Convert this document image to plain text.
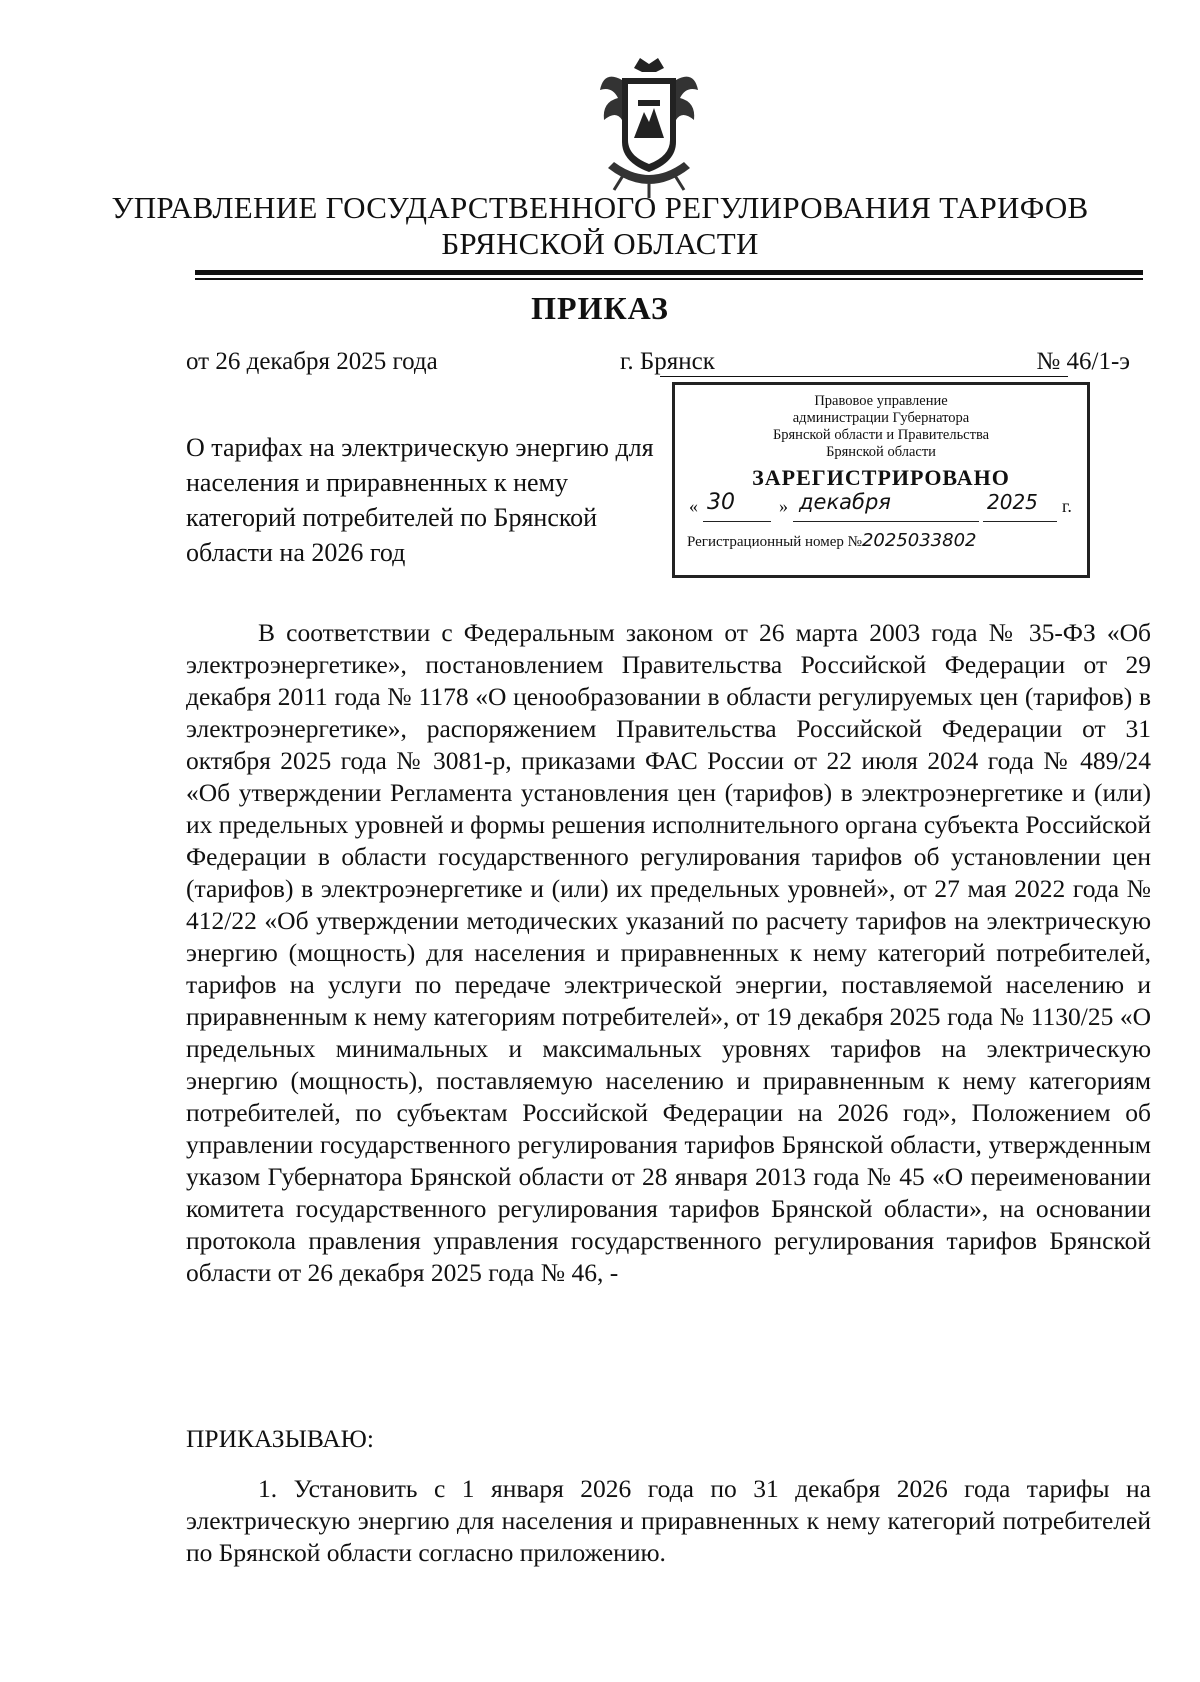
УПРАВЛЕНИЕ ГОСУДАРСТВЕННОГО РЕГУЛИРОВАНИЯ ТАРИФОВ
БРЯНСКОЙ ОБЛАСТИ
ПРИКАЗ
от 26 декабря 2025 года	г. Брянск	№ 46/1-э
Правовое управление
администрации Губернатора
Брянской области и Правительства
Брянской области
ЗАРЕГИСТРИРОВАНО
« 30 » декабря	2025 г.
Регистрационный номер №2025033802
О тарифах на электрическую энергию для населения и приравненных к нему категорий потребителей по Брянской области на 2026 год
В соответствии с Федеральным законом от 26 марта 2003 года № 35-ФЗ «Об электроэнергетике», постановлением Правительства Российской Федерации от 29 декабря 2011 года № 1178 «О ценообразовании в области регулируемых цен (тарифов) в электроэнергетике», распоряжением Правительства Российской Федерации от 31 октября 2025 года № 3081-р, приказами ФАС России от 22 июля 2024 года № 489/24 «Об утверждении Регламента установления цен (тарифов) в электроэнергетике и (или) их предельных уровней и формы решения исполнительного органа субъекта Российской Федерации в области государственного регулирования тарифов об установлении цен (тарифов) в электроэнергетике и (или) их предельных уровней», от 27 мая 2022 года № 412/22 «Об утверждении методических указаний по расчету тарифов на электрическую энергию (мощность) для населения и приравненных к нему категорий потребителей, тарифов на услуги по передаче электрической энергии, поставляемой населению и приравненным к нему категориям потребителей», от 19 декабря 2025 года № 1130/25 «О предельных минимальных и максимальных уровнях тарифов на электрическую энергию (мощность), поставляемую населению и приравненным к нему категориям потребителей, по субъектам Российской Федерации на 2026 год», Положением об управлении государственного регулирования тарифов Брянской области, утвержденным указом Губернатора Брянской области от 28 января 2013 года № 45 «О переименовании комитета государственного регулирования тарифов Брянской области», на основании протокола правления управления государственного регулирования тарифов Брянской области от 26 декабря 2025 года № 46, -
ПРИКАЗЫВАЮ:
1. Установить с 1 января 2026 года по 31 декабря 2026 года тарифы на электрическую энергию для населения и приравненных к нему категорий потребителей по Брянской области согласно приложению.
